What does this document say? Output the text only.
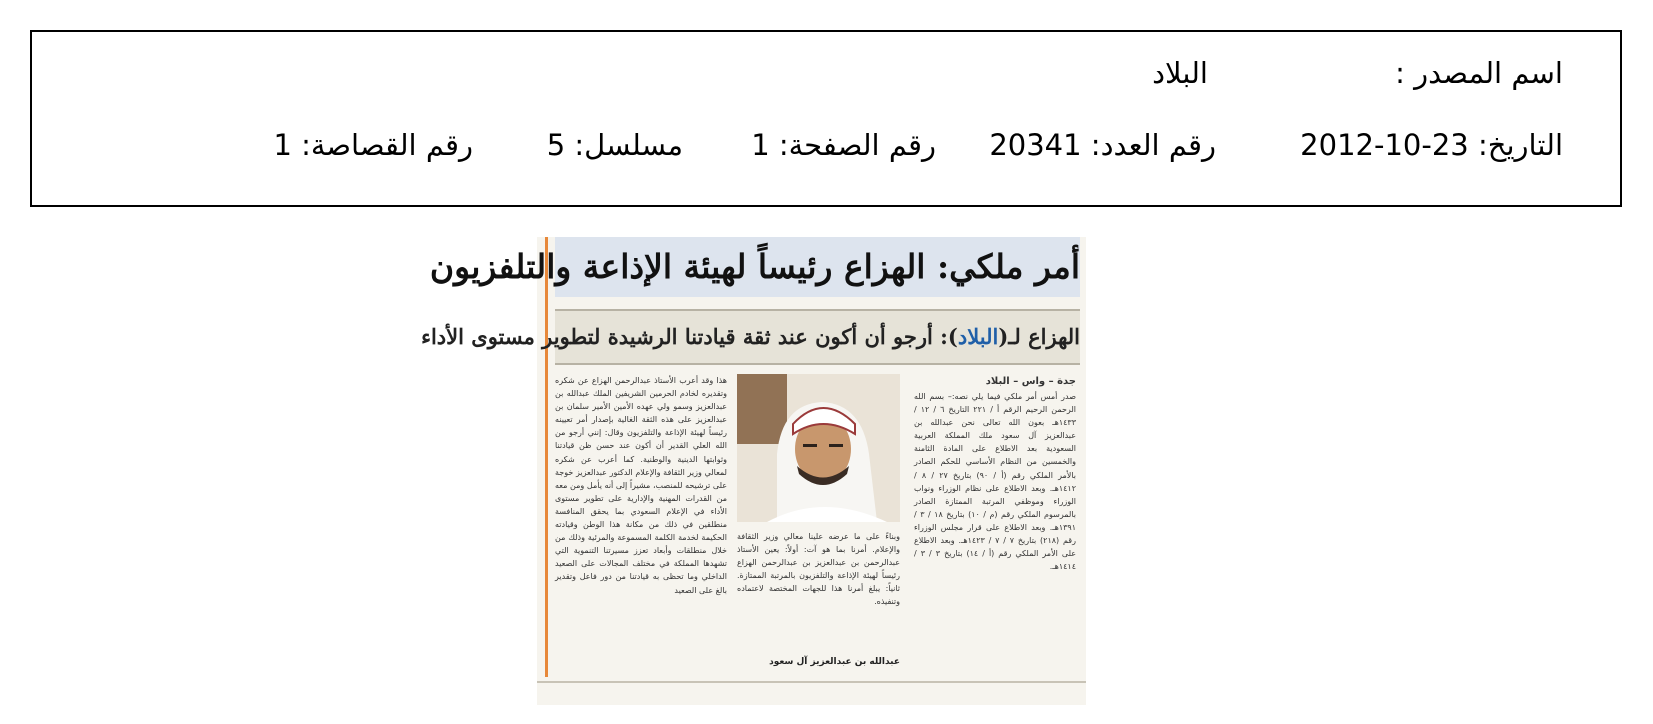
اسم المصدر :
البلاد
التاريخ: 23-10-2012
رقم العدد: 20341
رقم الصفحة: 1
مسلسل: 5
رقم القصاصة: 1
أمر ملكي: الهزاع رئيساً لهيئة الإذاعة والتلفزيون
الهزاع لـ(البلاد): أرجو أن أكون عند ثقة قيادتنا الرشيدة لتطوير مستوى الأداء
جدة – واس – البلاد
صدر أمس أمر ملكي فيما يلي نصه:– بسم الله الرحمن الرحيم الرقم أ / ٢٢١ التاريخ ٦ / ١٢ / ١٤٣٣هـ بعون الله تعالى نحن عبدالله بن عبدالعزيز آل سعود ملك المملكة العربية السعودية بعد الاطلاع على المادة الثامنة والخمسين من النظام الأساسي للحكم الصادر بالأمر الملكي رقم (أ / ٩٠) بتاريخ ٢٧ / ٨ / ١٤١٢هـ. وبعد الاطلاع على نظام الوزراء ونواب الوزراء وموظفي المرتبة الممتازة الصادر بالمرسوم الملكي رقم (م / ١٠) بتاريخ ١٨ / ٣ / ١٣٩١هـ. وبعد الاطلاع على قرار مجلس الوزراء رقم (٢١٨) بتاريخ ٧ / ٧ / ١٤٢٣هـ. وبعد الاطلاع على الأمر الملكي رقم (أ / ١٤) بتاريخ ٣ / ٣ / ١٤١٤هـ.
وبناءً على ما عرضه علينا معالي وزير الثقافة والإعلام. أمرنا بما هو آت: أولاً: يعين الأستاذ عبدالرحمن بن عبدالعزيز بن عبدالرحمن الهزاع رئيساً لهيئة الإذاعة والتلفزيون بالمرتبة الممتازة. ثانياً: يبلغ أمرنا هذا للجهات المختصة لاعتماده وتنفيذه.
عبدالله بن عبدالعزيز آل سعود
هذا وقد أعرب الأستاذ عبدالرحمن الهزاع عن شكره وتقديره لخادم الحرمين الشريفين الملك عبدالله بن عبدالعزيز وسمو ولي عهده الأمين الأمير سلمان بن عبدالعزيز على هذه الثقة الغالية بإصدار أمر تعيينه رئيساً لهيئة الإذاعة والتلفزيون وقال: إنني أرجو من الله العلي القدير أن أكون عند حسن ظن قيادتنا وثوابتها الدينية والوطنية. كما أعرب عن شكره لمعالي وزير الثقافة والإعلام الدكتور عبدالعزيز خوجة على ترشيحه للمنصب، مشيراً إلى أنه يأمل ومن معه من القدرات المهنية والإدارية على تطوير مستوى الأداء في الإعلام السعودي بما يحقق المنافسة منطلقين في ذلك من مكانة هذا الوطن وقيادته الحكيمة لخدمة الكلمة المسموعة والمرئية وذلك من خلال منطلقات وأبعاد تعزز مسيرتنا التنموية التي تشهدها المملكة في مختلف المجالات على الصعيد الداخلي وما تحظى به قيادتنا من دور فاعل وتقدير بالغ على الصعيد
